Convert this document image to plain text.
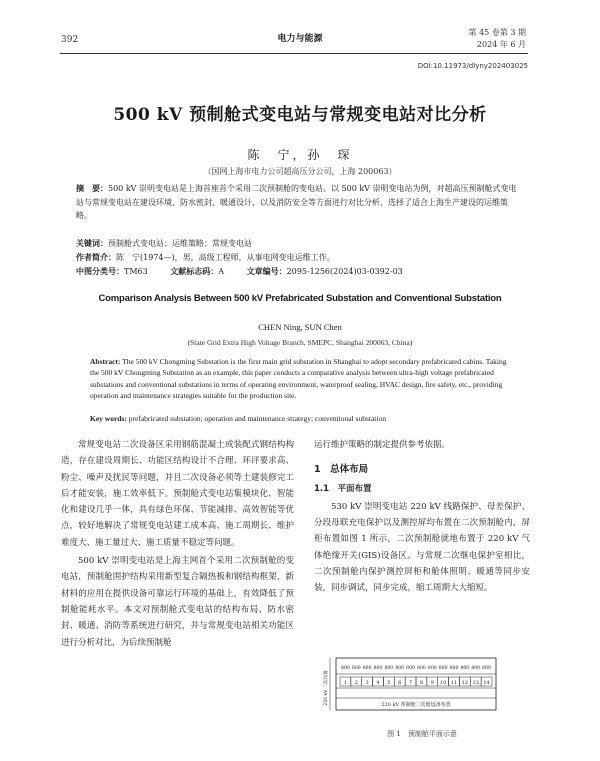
392	电力与能源
第 45 卷第 3 期
2024 年 6 月
DOI:10.11973/dlyny202403025
500 kV 预制舱式变电站与常规变电站对比分析
陈　宁，孙　琛
（国网上海市电力公司超高压分公司，上海 200063）
摘　要：500 kV 崇明变电站是上海首座首个采用二次预制舱的变电站。以 500 kV 崇明变电站为例，对超高压预制舱式变电站与常规变电站在建设环境、防水密封、暖通设计、以及消防安全等方面进行对比分析，选择了适合上海生产建设的运维策略。
关键词：预制舱式变电站；运维策略；常规变电站
作者简介：陈　宁(1974—)，男，高级工程师，从事电网变电运维工作。
中图分类号：TM63	文献标志码：A	文章编号：2095-1256(2024)03-0392-03
Comparison Analysis Between 500 kV Prefabricated Substation and Conventional Substation
CHEN Ning, SUN Chen
(State Grid Extra High Voltage Branch, SMEPC, Shanghai 200063, China)
Abstract: The 500 kV Chongming Substation is the first main grid substation in Shanghai to adopt secondary prefabricated cabins. Taking the 500 kV Chongming Substation as an example, this paper conducts a comparative analysis between ultra-high voltage prefabricated substations and conventional substations in terms of operating environment, waterproof sealing, HVAC design, fire safety, etc., providing operation and maintenance strategies suitable for the production site.
Key words: prefabricated substation; operation and maintenance strategy; conventional substation

常规变电站二次设备区采用钢筋混凝土或装配式钢结构构造，存在建设周期长、功能区结构设计不合理、环评要求高、粉尘、噪声及扰民等问题，并且二次设备必须等土建装修完工后才能安装，施工效率低下。预制舱式变电站集模块化、智能化和建设几乎一体，具有绿色环保、节能减排、高效智能等优点，较好地解决了常规变电站建工成本高、施工周期长、维护难度大、施工量过大、施工质量不稳定等问题。

500 kV 崇明变电站是上海主网首个采用二次预制舱的变电站，预制舱围护结构采用新型复合隔热板和钢结构框架，新材料的应用在提供设备可靠运行环境的基础上，有效降低了预制舱能耗水平。本文对预制舱式变电站的结构布局、防水密封、暖通、消防等系统进行研究，并与常规变电站相关功能区进行分析对比，为后续预制舱

运行维护策略的制定提供参考依据。

1　总体布局

1.1　平面布置

530 kV 崇明变电站 220 kV 线路保护、母差保护、分段母联充电保护以及测控屏均布置在二次预制舱内，屏柜布置如图 1 所示，二次预制舱就地布置于 220 kV 气体绝缘开关(GIS)设备区。与常规二次继电保护室相比，二次预制舱内保护测控屏柜和舱体照明、暖通等同步安装，同步调试，同步完成，缩工周期大大缩短。

220 kV 二次设备
800 800 800 800 800 800 800 800 800 800 800 800 800 800
1 2 3 4 5 6 7 8 9 10 11 12 13 14
220 kV 预制舱二次舱设备布置
图 1　预制舱平面示意
